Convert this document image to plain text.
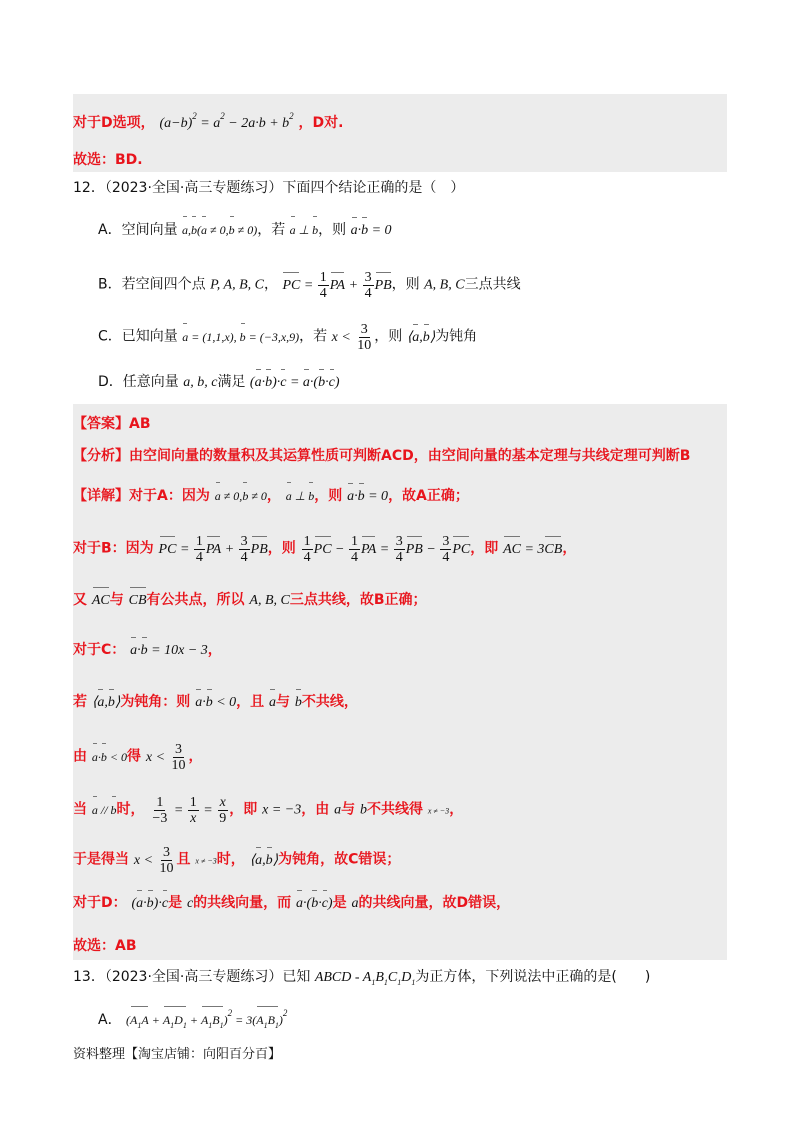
对于D选项， $(a-b)^2 = a^2 - 2a\cdot b + b^2$ ，D对.
故选：BD.
12．（2023·全国·高三专题练习）下面四个结论正确的是（　）
A．空间向量 a,b(a ≠ 0,b ≠ 0)，若 a ⊥ b，则 a·b = 0
B．若空间四个点 P, A, B, C， PC = $\frac{1}{4}$ PA + $\frac{3}{4}$ PB，则 A, B, C三点共线
C．已知向量 a = (1,1,x), b = (−3,x,9)，若 $x < \frac{3}{10}$ ，则 ⟨a,b⟩为钝角
D．任意向量 a, b, c满足 (a·b)·c = a·(b·c)
【答案】AB
【分析】由空间向量的数量积及其运算性质可判断ACD，由空间向量的基本定理与共线定理可判断B
【详解】对于A：因为 a ≠ 0,b ≠ 0， a ⊥ b，则 a·b = 0，故A正确；
对于B：因为 PC = $\frac{1}{4}$ PA + $\frac{3}{4}$ PB，则 $\frac{1}{4}$ PC − $\frac{1}{4}$ PA = $\frac{3}{4}$ PB − $\frac{3}{4}$ PC，即 AC = 3CB，
又 AC与 CB有公共点，所以 A, B, C三点共线，故B正确；
对于C： a·b = 10x − 3，
若 ⟨a,b⟩为钝角：则 a·b < 0，且 a与 b不共线，
由 a·b < 0得 $x < \frac{3}{10}$ ，
当 a // b时， $\frac{1}{-3} = \frac{1}{x} = \frac{x}{9}$ ，即 x = −3，由 a与 b不共线得 x ≠ −3，
于是得当 $x < \frac{3}{10}$ 且 x ≠ −3时， ⟨a,b⟩为钝角，故C错误；
对于D： (a·b)·c是 c的共线向量，而 a·(b·c)是 a的共线向量，故D错误，
故选：AB
13．（2023·全国·高三专题练习）已知 ABCD - $A_1B_1C_1D_1$为正方体，下列说法中正确的是(　　)
A． $(A_1A + A_1D_1 + A_1B_1)^2 = 3(A_1B_1)^2$
资料整理【淘宝店铺：向阳百分百】
